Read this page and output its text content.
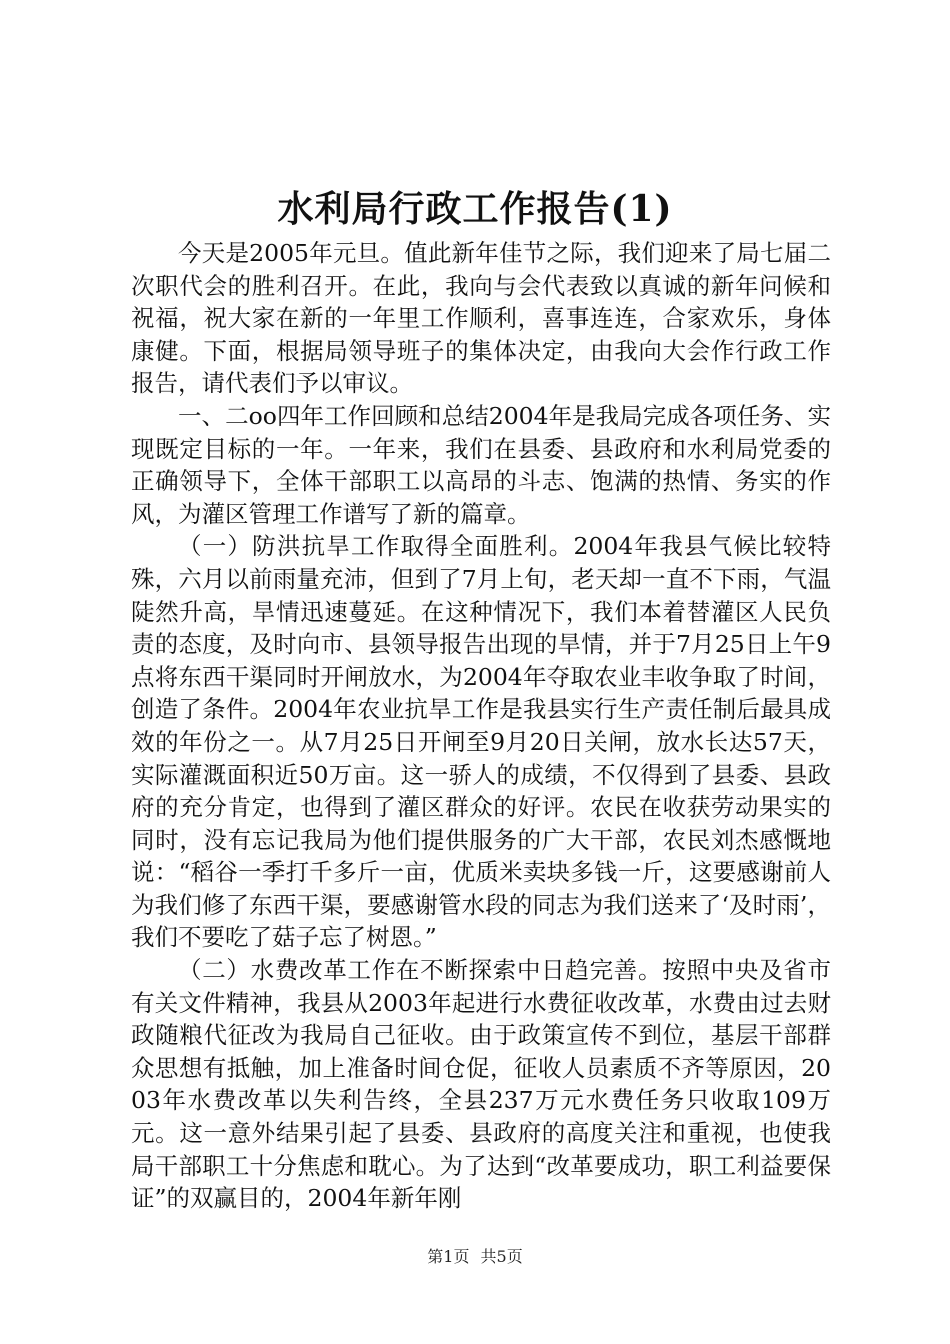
水利局行政工作报告(1)

今天是2005年元旦。值此新年佳节之际，我们迎来了局七届二次职代会的胜利召开。在此，我向与会代表致以真诚的新年问候和祝福，祝大家在新的一年里工作顺利，喜事连连，合家欢乐，身体康健。下面，根据局领导班子的集体决定，由我向大会作行政工作报告，请代表们予以审议。

一、二oo四年工作回顾和总结2004年是我局完成各项任务、实现既定目标的一年。一年来，我们在县委、县政府和水利局党委的正确领导下，全体干部职工以高昂的斗志、饱满的热情、务实的作风，为灌区管理工作谱写了新的篇章。

（一）防洪抗旱工作取得全面胜利。2004年我县气候比较特殊，六月以前雨量充沛，但到了7月上旬，老天却一直不下雨，气温陡然升高，旱情迅速蔓延。在这种情况下，我们本着替灌区人民负责的态度，及时向市、县领导报告出现的旱情，并于7月25日上午9点将东西干渠同时开闸放水，为2004年夺取农业丰收争取了时间，创造了条件。2004年农业抗旱工作是我县实行生产责任制后最具成效的年份之一。从7月25日开闸至9月20日关闸，放水长达57天，实际灌溉面积近50万亩。这一骄人的成绩，不仅得到了县委、县政府的充分肯定，也得到了灌区群众的好评。农民在收获劳动果实的同时，没有忘记我局为他们提供服务的广大干部，农民刘杰感慨地说：“稻谷一季打千多斤一亩，优质米卖块多钱一斤，这要感谢前人为我们修了东西干渠，要感谢管水段的同志为我们送来了‘及时雨’，我们不要吃了菇子忘了树恩。”

（二）水费改革工作在不断探索中日趋完善。按照中央及省市有关文件精神，我县从2003年起进行水费征收改革，水费由过去财政随粮代征改为我局自己征收。由于政策宣传不到位，基层干部群众思想有抵触，加上准备时间仓促，征收人员素质不齐等原因，2003年水费改革以失利告终，全县237万元水费任务只收取109万元。这一意外结果引起了县委、县政府的高度关注和重视，也使我局干部职工十分焦虑和耽心。为了达到“改革要成功，职工利益要保证”的双赢目的，2004年新年刚

第1页 共5页
